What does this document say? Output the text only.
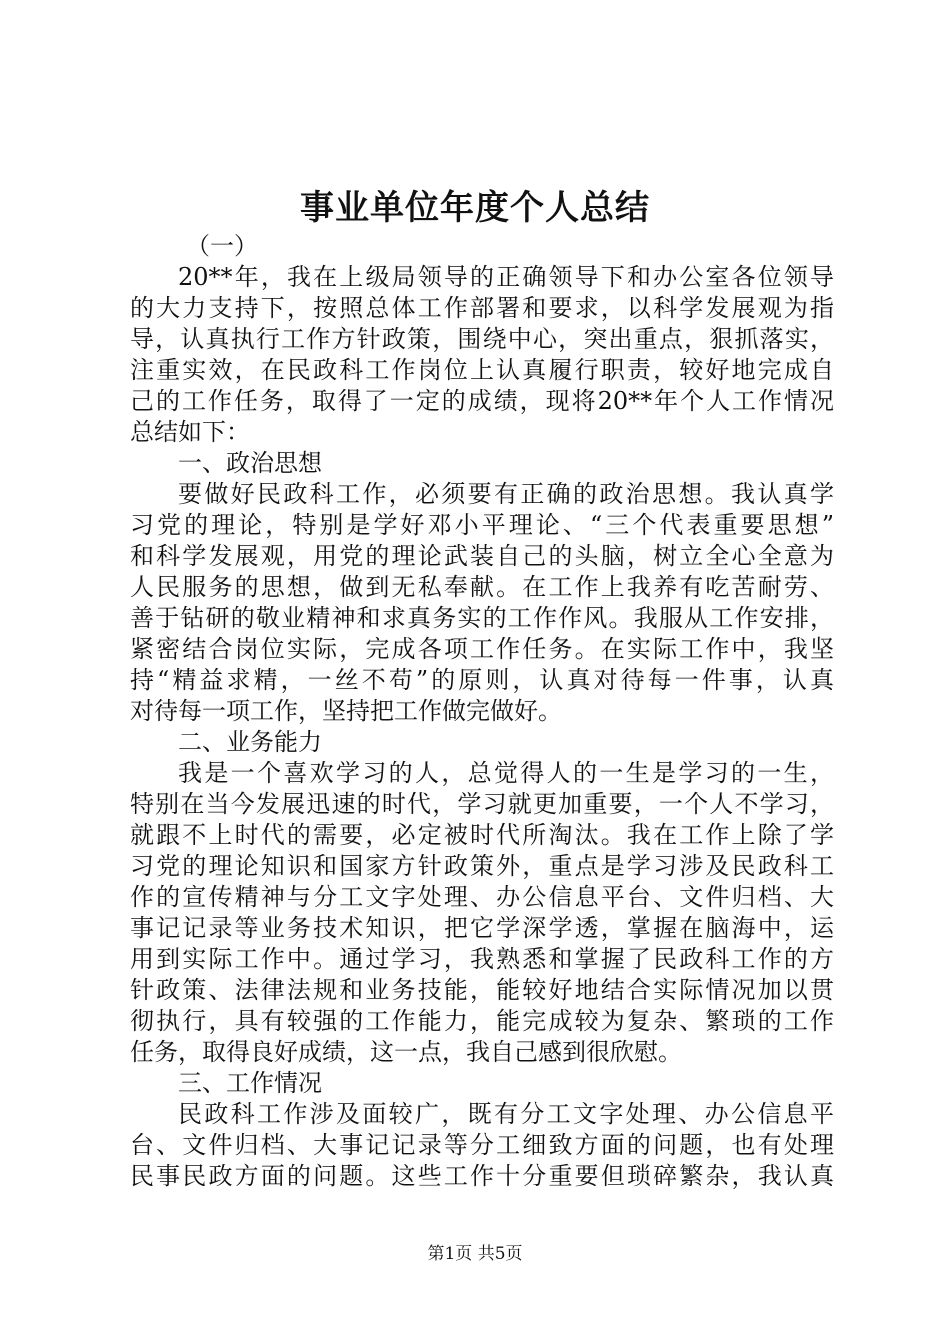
事业单位年度个人总结
（一）
20**年，我在上级局领导的正确领导下和办公室各位领导
的大力支持下，按照总体工作部署和要求，以科学发展观为指
导，认真执行工作方针政策，围绕中心，突出重点，狠抓落实，
注重实效，在民政科工作岗位上认真履行职责，较好地完成自
己的工作任务，取得了一定的成绩，现将20**年个人工作情况
总结如下：
一、政治思想
要做好民政科工作，必须要有正确的政治思想。我认真学
习党的理论，特别是学好邓小平理论、“三个代表重要思想”
和科学发展观，用党的理论武装自己的头脑，树立全心全意为
人民服务的思想，做到无私奉献。在工作上我养有吃苦耐劳、
善于钻研的敬业精神和求真务实的工作作风。我服从工作安排，
紧密结合岗位实际，完成各项工作任务。在实际工作中，我坚
持“精益求精，一丝不苟”的原则，认真对待每一件事，认真
对待每一项工作，坚持把工作做完做好。
二、业务能力
我是一个喜欢学习的人，总觉得人的一生是学习的一生，
特别在当今发展迅速的时代，学习就更加重要，一个人不学习，
就跟不上时代的需要，必定被时代所淘汰。我在工作上除了学
习党的理论知识和国家方针政策外，重点是学习涉及民政科工
作的宣传精神与分工文字处理、办公信息平台、文件归档、大
事记记录等业务技术知识，把它学深学透，掌握在脑海中，运
用到实际工作中。通过学习，我熟悉和掌握了民政科工作的方
针政策、法律法规和业务技能，能较好地结合实际情况加以贯
彻执行，具有较强的工作能力，能完成较为复杂、繁琐的工作
任务，取得良好成绩，这一点，我自己感到很欣慰。
三、工作情况
民政科工作涉及面较广，既有分工文字处理、办公信息平
台、文件归档、大事记记录等分工细致方面的问题，也有处理
民事民政方面的问题。这些工作十分重要但琐碎繁杂，我认真
第1页 共5页
